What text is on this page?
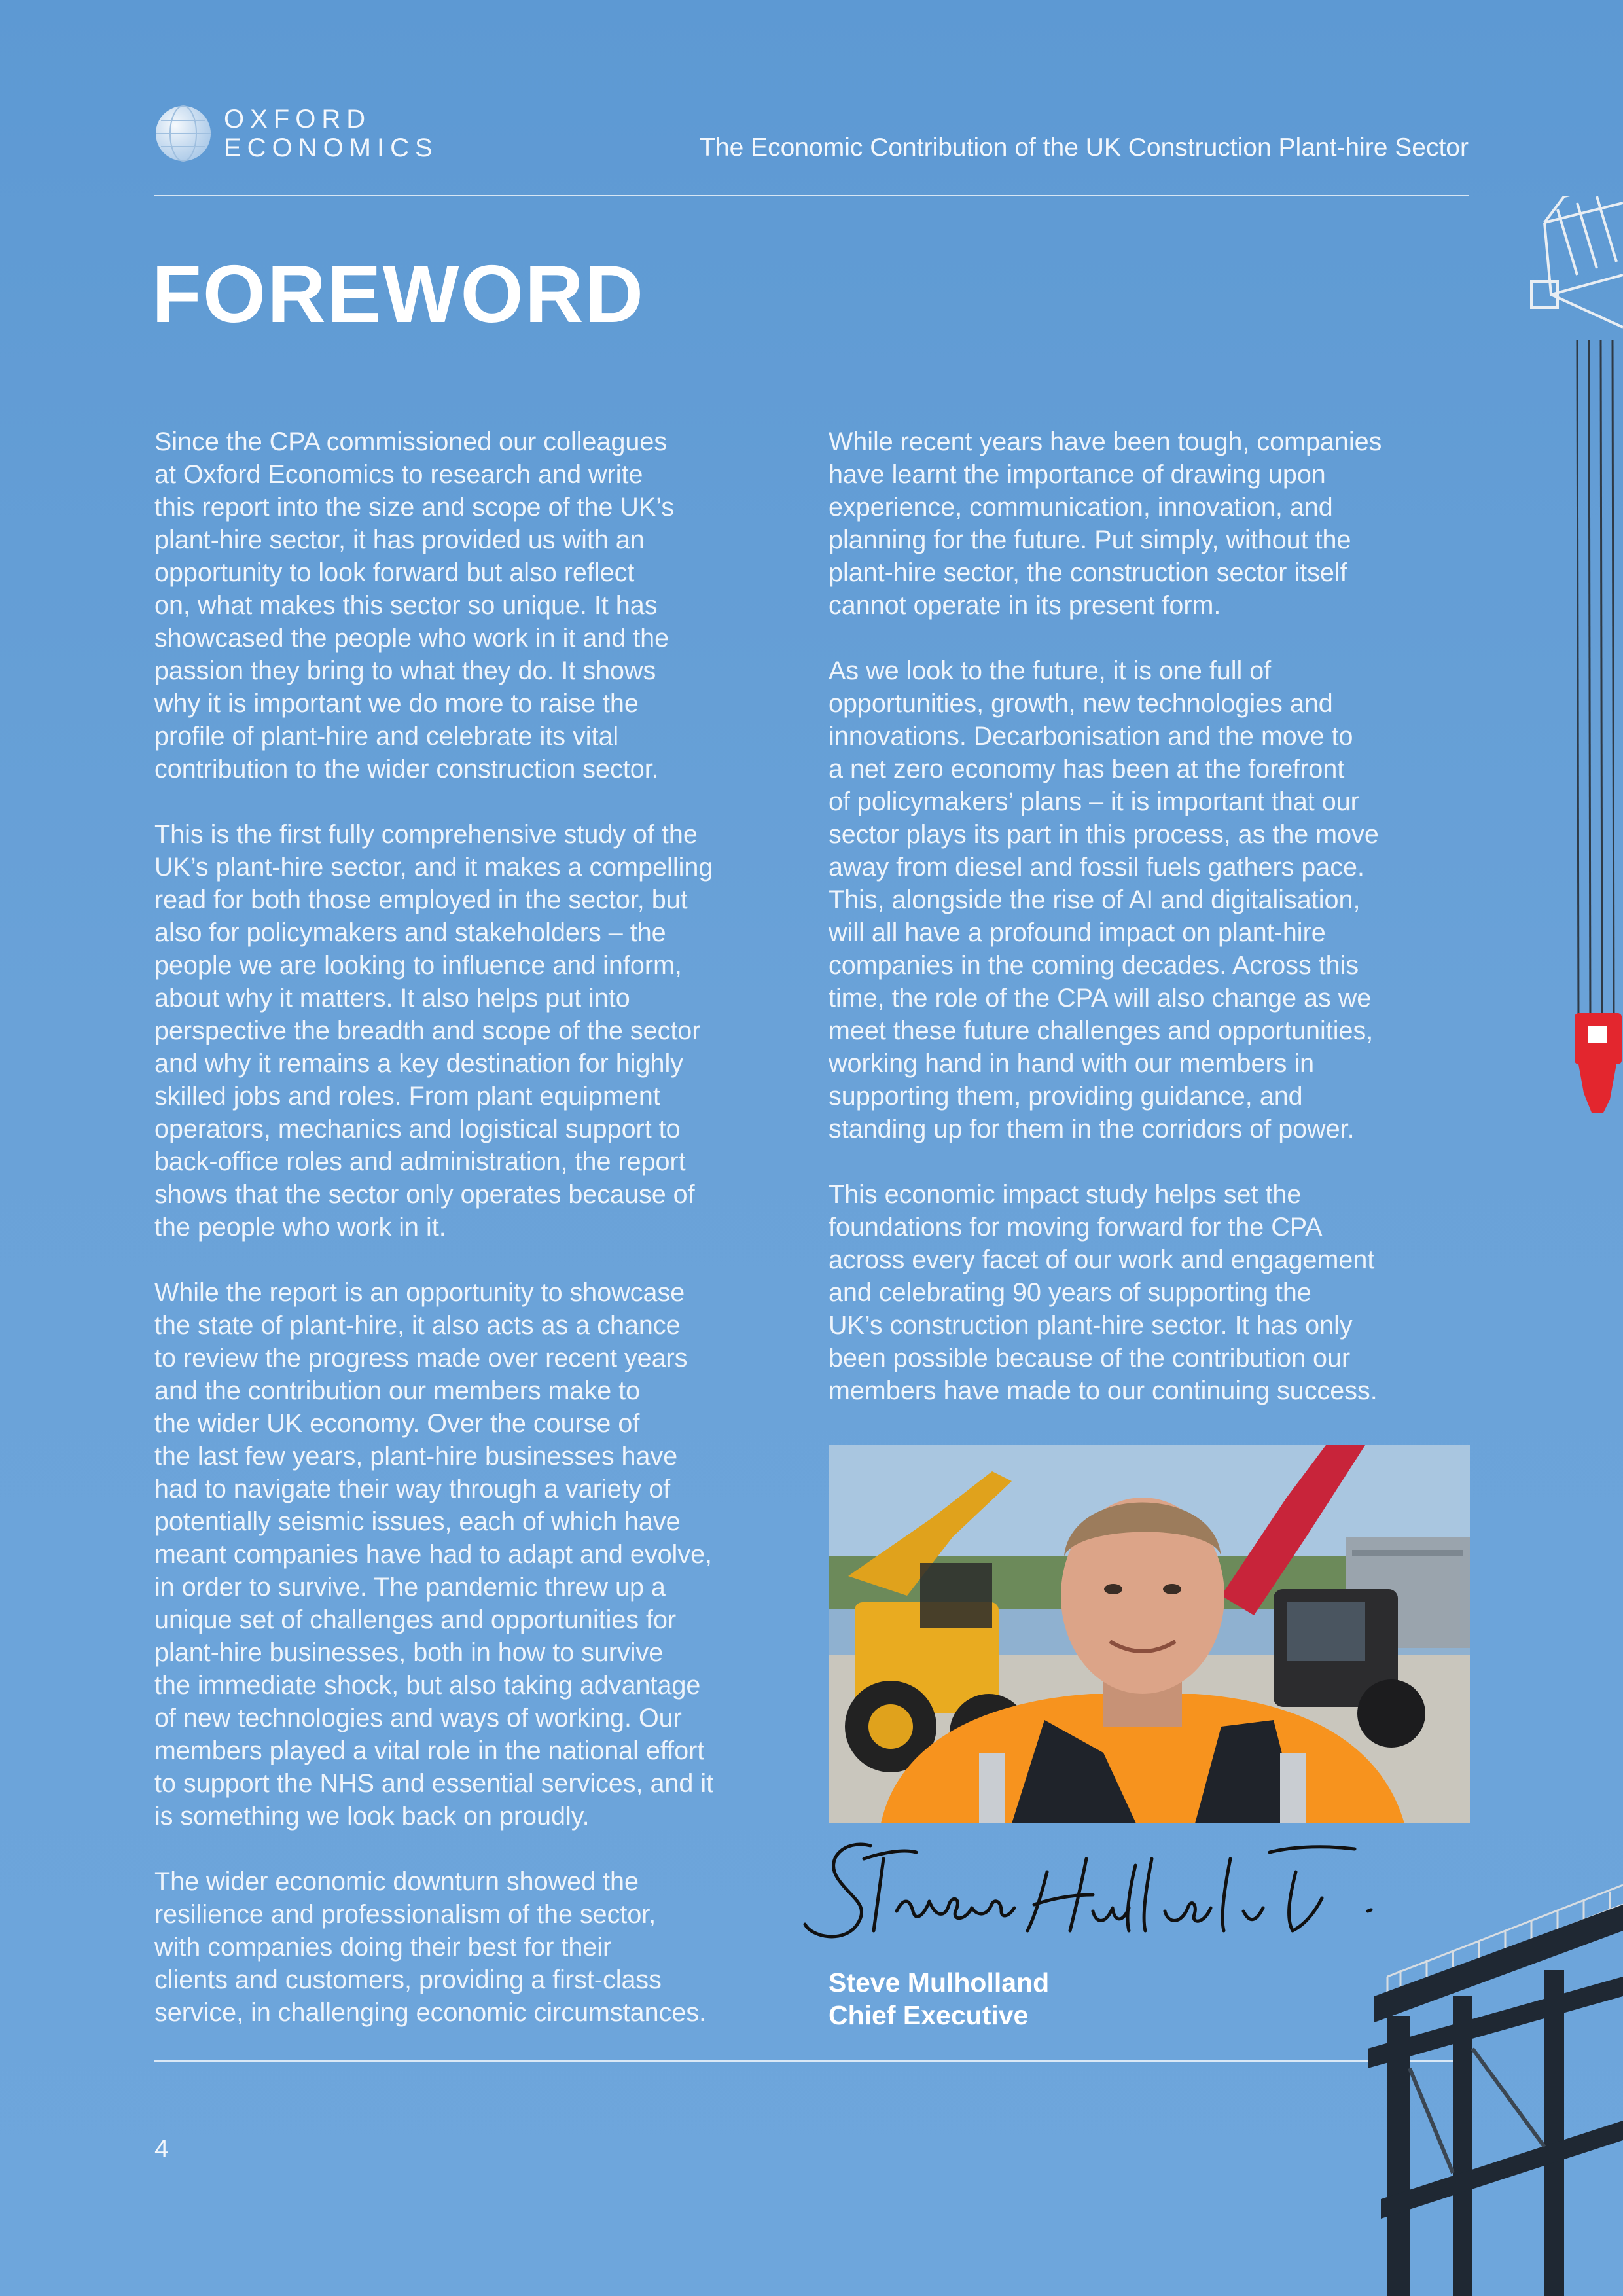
OXFORD
ECONOMICS	The Economic Contribution of the UK Construction Plant-hire Sector
FOREWORD

Since the CPA commissioned our colleagues
at Oxford Economics to research and write
this report into the size and scope of the UK’s
plant-hire sector, it has provided us with an
opportunity to look forward but also reflect
on, what makes this sector so unique. It has
showcased the people who work in it and the
passion they bring to what they do. It shows
why it is important we do more to raise the
profile of plant-hire and celebrate its vital
contribution to the wider construction sector.

This is the first fully comprehensive study of the
UK’s plant-hire sector, and it makes a compelling
read for both those employed in the sector, but
also for policymakers and stakeholders – the
people we are looking to influence and inform,
about why it matters. It also helps put into
perspective the breadth and scope of the sector
and why it remains a key destination for highly
skilled jobs and roles. From plant equipment
operators, mechanics and logistical support to
back-office roles and administration, the report
shows that the sector only operates because of
the people who work in it.

While the report is an opportunity to showcase
the state of plant-hire, it also acts as a chance
to review the progress made over recent years
and the contribution our members make to
the wider UK economy. Over the course of
the last few years, plant-hire businesses have
had to navigate their way through a variety of
potentially seismic issues, each of which have
meant companies have had to adapt and evolve,
in order to survive. The pandemic threw up a
unique set of challenges and opportunities for
plant-hire businesses, both in how to survive
the immediate shock, but also taking advantage
of new technologies and ways of working. Our
members played a vital role in the national effort
to support the NHS and essential services, and it
is something we look back on proudly.

The wider economic downturn showed the
resilience and professionalism of the sector,
with companies doing their best for their
clients and customers, providing a first-class
service, in challenging economic circumstances.

While recent years have been tough, companies
have learnt the importance of drawing upon
experience, communication, innovation, and
planning for the future. Put simply, without the
plant-hire sector, the construction sector itself
cannot operate in its present form.

As we look to the future, it is one full of
opportunities, growth, new technologies and
innovations. Decarbonisation and the move to
a net zero economy has been at the forefront
of policymakers’ plans – it is important that our
sector plays its part in this process, as the move
away from diesel and fossil fuels gathers pace.
This, alongside the rise of AI and digitalisation,
will all have a profound impact on plant-hire
companies in the coming decades. Across this
time, the role of the CPA will also change as we
meet these future challenges and opportunities,
working hand in hand with our members in
supporting them, providing guidance, and
standing up for them in the corridors of power.

This economic impact study helps set the
foundations for moving forward for the CPA
across every facet of our work and engagement
and celebrating 90 years of supporting the
UK’s construction plant-hire sector. It has only
been possible because of the contribution our
members have made to our continuing success.

Steve Mulholland
Chief Executive
4
